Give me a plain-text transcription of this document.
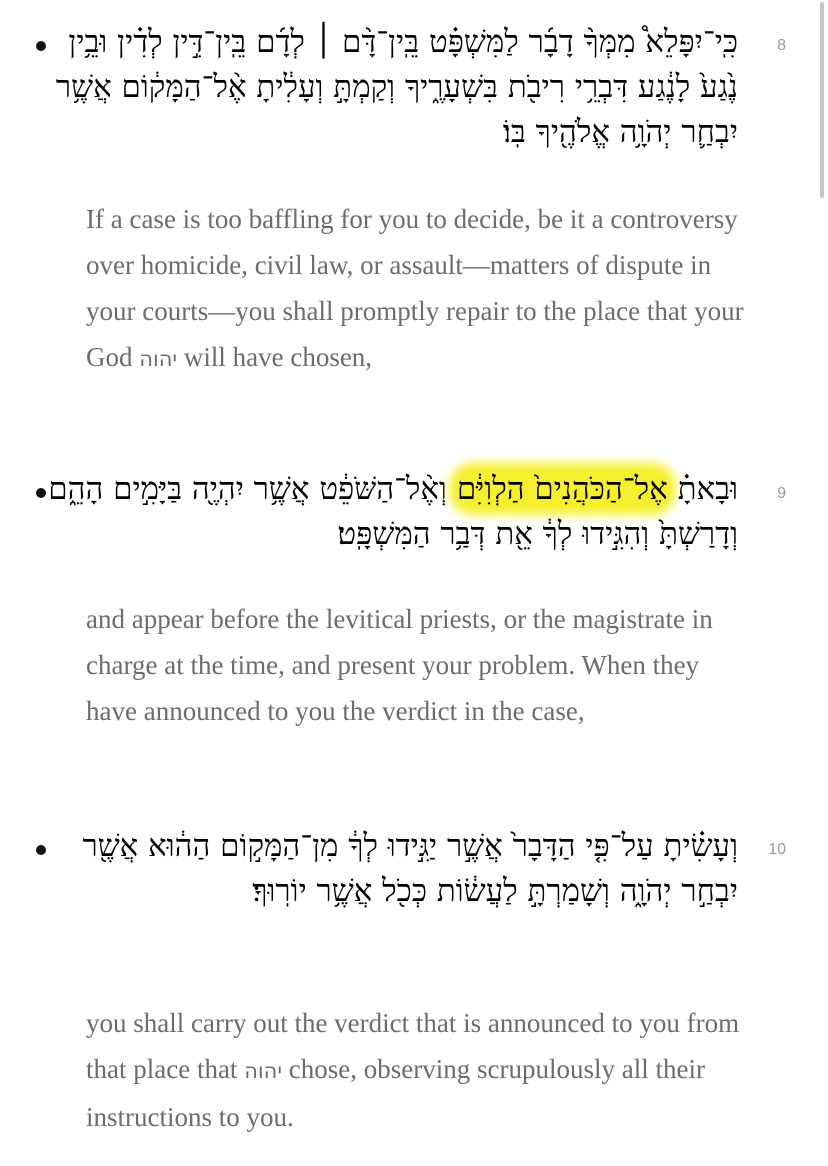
8
כִּֽי־יִפָּלֵא֩ מִמְּךָ֨ דָבָ֜ר לַמִּשְׁפָּ֗ט בֵּֽין־דָּ֨ם ׀ לְדָ֜ם בֵּֽין־דִּ֣ין לְדִ֗ין וּבֵ֥ין נֶ֙גַע֙ לָנֶ֔גַע דִּבְרֵ֥י רִיבֹ֖ת בִּשְׁעָרֶ֑יךָ וְקַמְתָּ֣ וְעָלִ֔יתָ אֶ֨ל־הַמָּק֔וֹם אֲשֶׁ֥ר יִבְחַ֛ר יְהֹוָ֥ה אֱלֹהֶ֖יךָ בּֽוֹ׃
If a case is too baffling for you to decide, be it a controversy over homicide, civil law, or assault—matters of dispute in your courts—you shall promptly repair to the place that your God יהוה will have chosen,
9
וּבָאתָ֗ אֶל־הַכֹּהֲנִים֙ הַלְוִיִּ֔ם וְאֶ֨ל־הַשֹּׁפֵ֔ט אֲשֶׁ֥ר יִהְיֶ֖ה בַּיָּמִ֣ים הָהֵ֑ם וְדָרַשְׁתָּ֙ וְהִגִּ֣ידוּ לְךָ֔ אֵ֖ת דְּבַ֥ר הַמִּשְׁפָּֽט׃
and appear before the levitical priests, or the magistrate in charge at the time, and present your problem. When they have announced to you the verdict in the case,
10
וְעָשִׂ֗יתָ עַל־פִּ֤י הַדָּבָר֙ אֲשֶׁ֣ר יַגִּ֣ידוּ לְךָ֔ מִן־הַמָּק֣וֹם הַה֔וּא אֲשֶׁ֖ר יִבְחַ֣ר יְהֹוָ֑ה וְשָׁמַרְתָּ֣ לַעֲשׂ֔וֹת כְּכֹ֖ל אֲשֶׁ֥ר יוֹרֽוּךָ׃
you shall carry out the verdict that is announced to you from that place that יהוה chose, observing scrupulously all their instructions to you.
